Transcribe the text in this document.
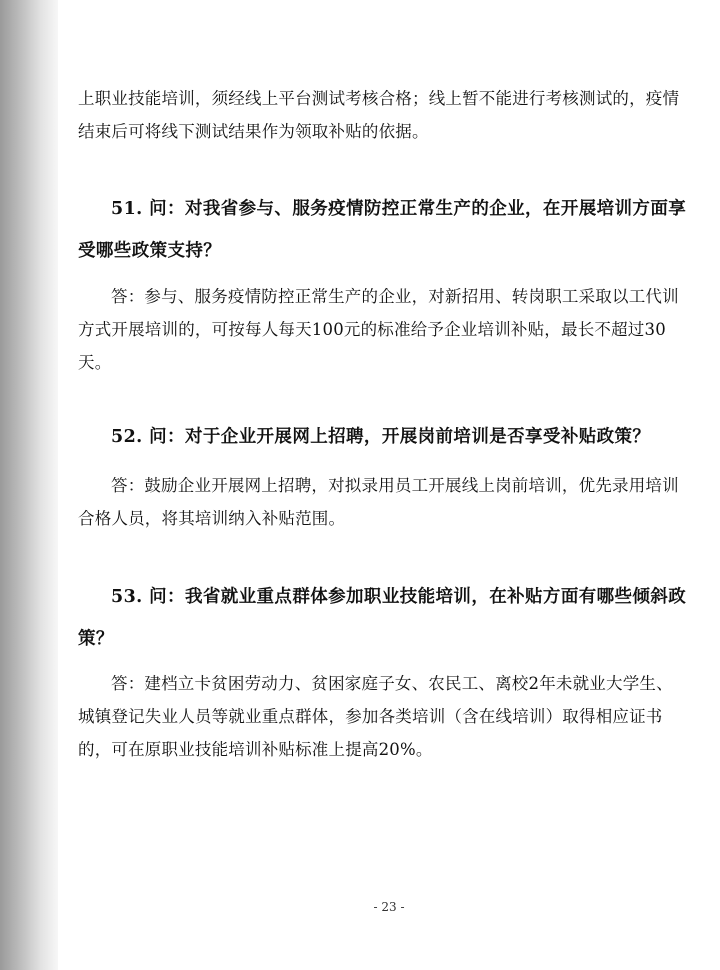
上职业技能培训，须经线上平台测试考核合格；线上暂不能进行考核测试的，疫情结束后可将线下测试结果作为领取补贴的依据。

51. 问：对我省参与、服务疫情防控正常生产的企业，在开展培训方面享受哪些政策支持？

答：参与、服务疫情防控正常生产的企业，对新招用、转岗职工采取以工代训方式开展培训的，可按每人每天100元的标准给予企业培训补贴，最长不超过30天。

52. 问：对于企业开展网上招聘，开展岗前培训是否享受补贴政策？

答：鼓励企业开展网上招聘，对拟录用员工开展线上岗前培训，优先录用培训合格人员，将其培训纳入补贴范围。

53. 问：我省就业重点群体参加职业技能培训，在补贴方面有哪些倾斜政策？

答：建档立卡贫困劳动力、贫困家庭子女、农民工、离校2年未就业大学生、城镇登记失业人员等就业重点群体，参加各类培训（含在线培训）取得相应证书的，可在原职业技能培训补贴标准上提高20%。

- 23 -
